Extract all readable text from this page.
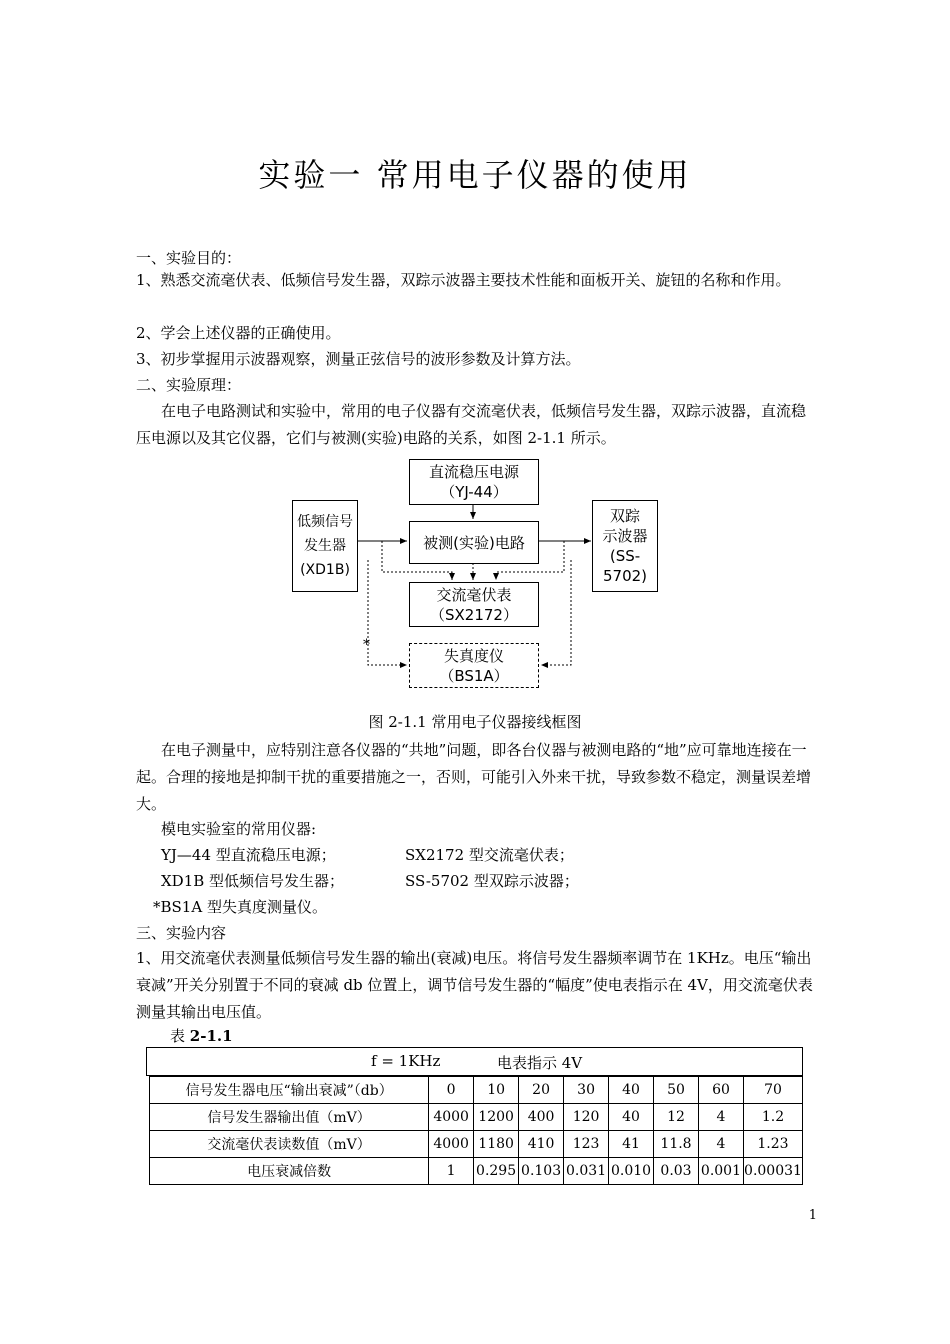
实验一 常用电子仪器的使用
一、实验目的：
1、熟悉交流毫伏表、低频信号发生器，双踪示波器主要技术性能和面板开关、旋钮的名称和作用。
2、学会上述仪器的正确使用。
3、初步掌握用示波器观察，测量正弦信号的波形参数及计算方法。
二、实验原理：
在电子电路测试和实验中，常用的电子仪器有交流毫伏表，低频信号发生器，双踪示波器，直流稳压电源以及其它仪器，它们与被测(实验)电路的关系，如图 2-1.1 所示。
直流稳压电源
（YJ-44）
低频信号
发生器
(XD1B)
被测(实验)电路
双踪
示波器
(SS-
5702)
交流毫伏表
（SX2172）
*
失真度仪
（BS1A）
图 2-1.1 常用电子仪器接线框图
在电子测量中，应特别注意各仪器的“共地”问题，即各台仪器与被测电路的“地”应可靠地连接在一起。合理的接地是抑制干扰的重要措施之一，否则，可能引入外来干扰，导致参数不稳定，测量误差增大。
模电实验室的常用仪器:
YJ—44 型直流稳压电源；	SX2172 型交流毫伏表；
XD1B 型低频信号发生器；	SS-5702 型双踪示波器；
*BS1A 型失真度测量仪。
三、实验内容
1、用交流毫伏表测量低频信号发生器的输出(衰减)电压。将信号发生器频率调节在 1KHz。电压“输出衰减”开关分别置于不同的衰减 db 位置上，调节信号发生器的“幅度”使电表指示在 4V，用交流毫伏表测量其输出电压值。
表 2-1.1
f = 1KHz	电表指示 4V
信号发生器电压“输出衰减”（db）	0	10	20	30	40	50	60	70
信号发生器输出值（mV）	4000	1200	400	120	40	12	4	1.2
交流毫伏表读数值（mV）	4000	1180	410	123	41	11.8	4	1.23
电压衰减倍数	1	0.295	0.103	0.031	0.010	0.03	0.001	0.00031
1
